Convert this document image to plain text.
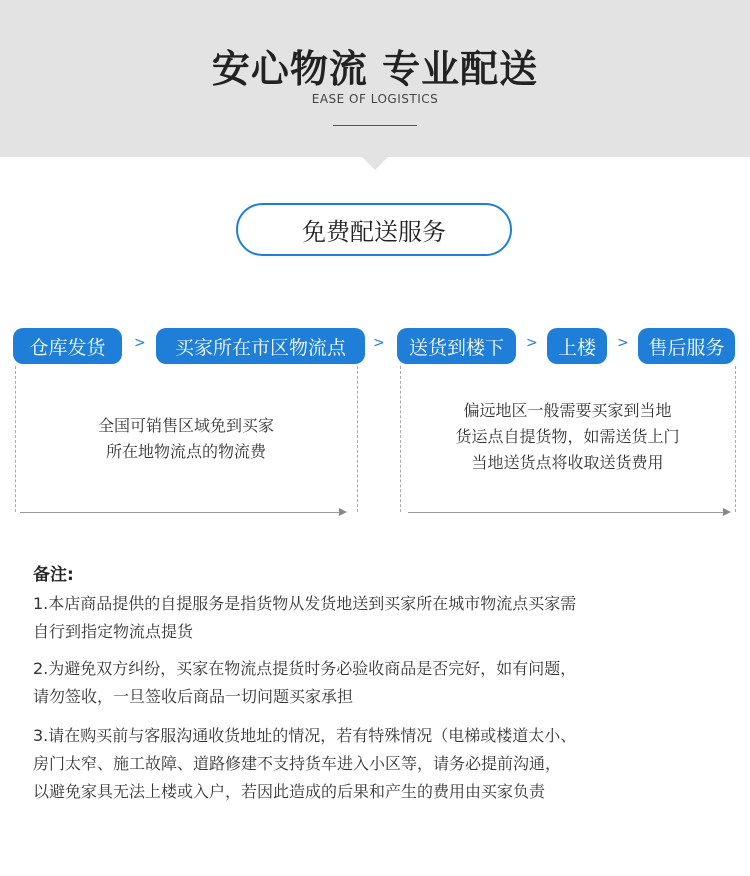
安心物流 专业配送
EASE OF LOGISTICS
免费配送服务
仓库发货	>	买家所在市区物流点	>	送货到楼下	>	上楼	>	售后服务
全国可销售区域免到买家
所在地物流点的物流费
偏远地区一般需要买家到当地
货运点自提货物，如需送货上门
当地送货点将收取送货费用
备注:
1.本店商品提供的自提服务是指货物从发货地送到买家所在城市物流点买家需
自行到指定物流点提货
2.为避免双方纠纷，买家在物流点提货时务必验收商品是否完好，如有问题，
请勿签收，一旦签收后商品一切问题买家承担
3.请在购买前与客服沟通收货地址的情况，若有特殊情况（电梯或楼道太小、
房门太窄、施工故障、道路修建不支持货车进入小区等，请务必提前沟通，
以避免家具无法上楼或入户，若因此造成的后果和产生的费用由买家负责
